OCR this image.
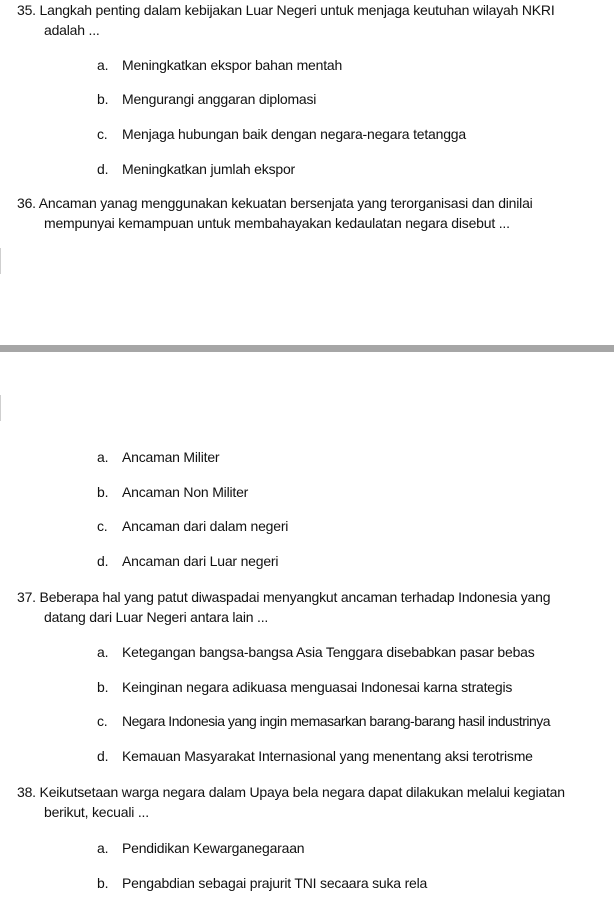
35. Langkah penting dalam kebijakan Luar Negeri untuk menjaga keutuhan wilayah NKRI
adalah ...
a. Meningkatkan ekspor bahan mentah
b. Mengurangi anggaran diplomasi
c. Menjaga hubungan baik dengan negara-negara tetangga
d. Meningkatkan jumlah ekspor
36. Ancaman yanag menggunakan kekuatan bersenjata yang terorganisasi dan dinilai
mempunyai kemampuan untuk membahayakan kedaulatan negara disebut ...
a. Ancaman Militer
b. Ancaman Non Militer
c. Ancaman dari dalam negeri
d. Ancaman dari Luar negeri
37. Beberapa hal yang patut diwaspadai menyangkut ancaman terhadap Indonesia yang
datang dari Luar Negeri antara lain ...
a. Ketegangan bangsa-bangsa Asia Tenggara disebabkan pasar bebas
b. Keinginan negara adikuasa menguasai Indonesai karna strategis
c. Negara Indonesia yang ingin memasarkan barang-barang hasil industrinya
d. Kemauan Masyarakat Internasional yang menentang aksi terotrisme
38. Keikutsetaan warga negara dalam Upaya bela negara dapat dilakukan melalui kegiatan
berikut, kecuali ...
a. Pendidikan Kewarganegaraan
b. Pengabdian sebagai prajurit TNI secaara suka rela
